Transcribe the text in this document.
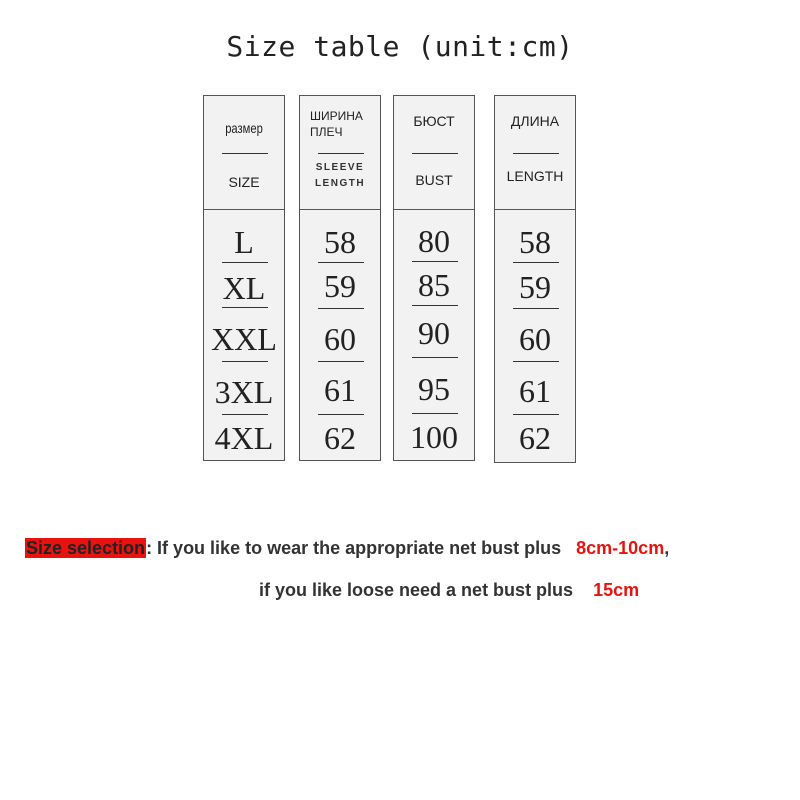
Size table (unit:cm)
размер
SIZE
L
XL
XXL
3XL
4XL
ШИРИНА ПЛЕЧ
SLEEVE LENGTH
58
59
60
61
62
БЮСТ
BUST
80
85
90
95
100
ДЛИНА
LENGTH
58
59
60
61
62
Size selection: If you like to wear the appropriate net bust plus 8cm-10cm,
if you like loose need a net bust plus 15cm
